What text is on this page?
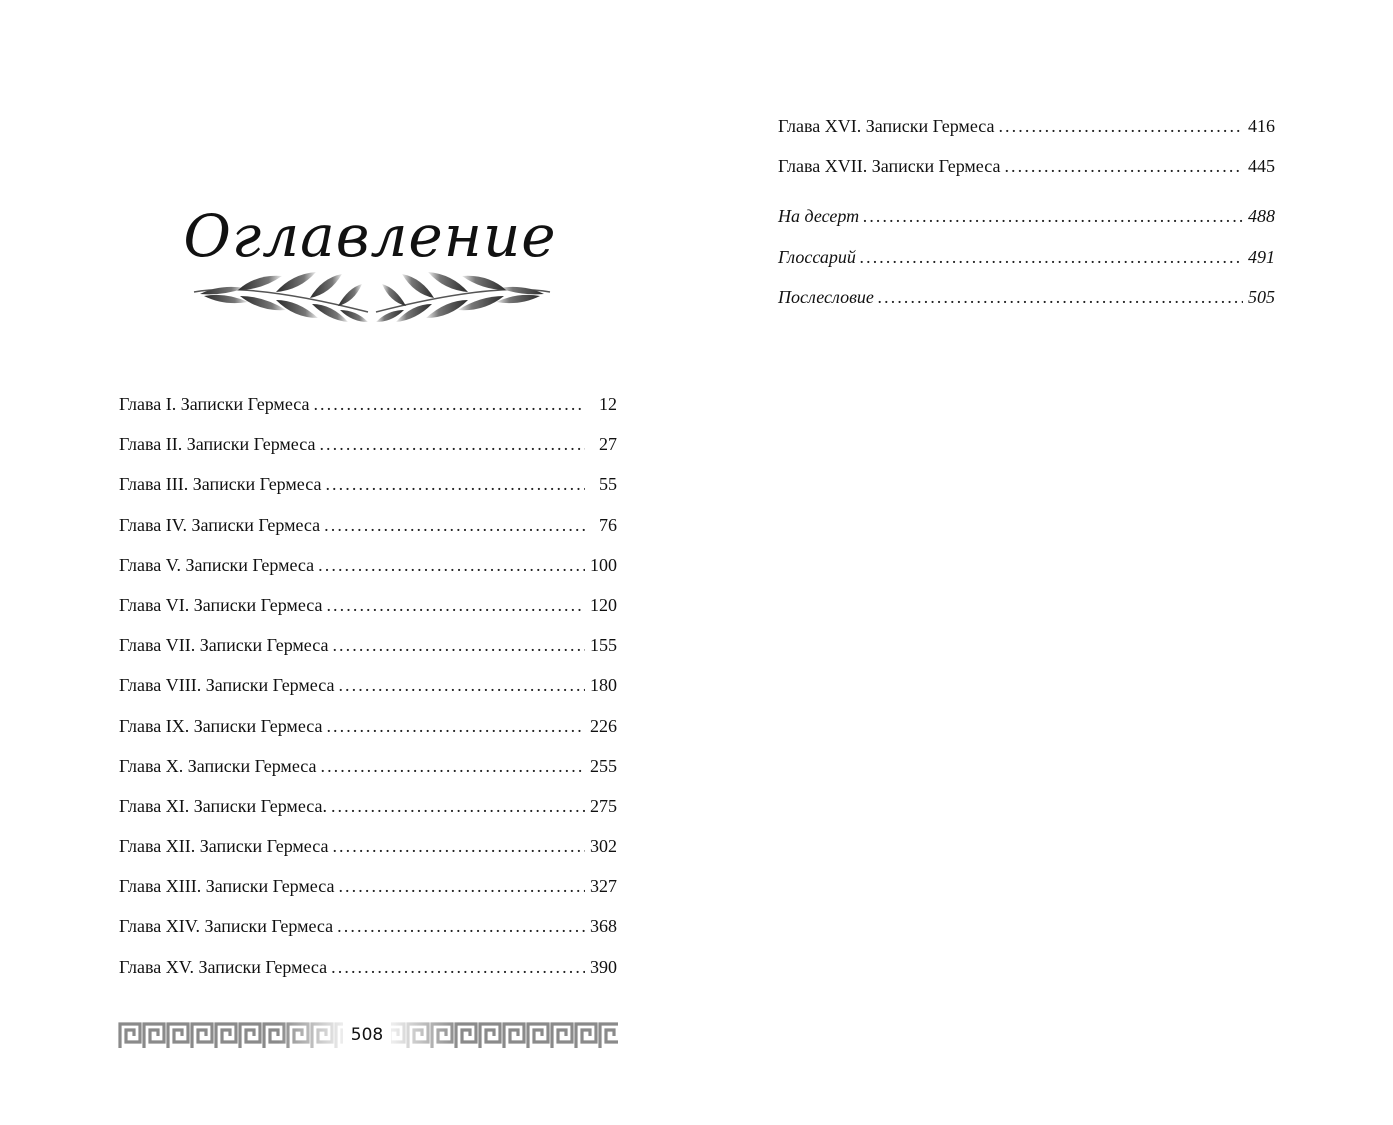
Оглавление
Глава I. Записки Гермеса . . .	12
Глава II. Записки Гермеса . . .	27
Глава III. Записки Гермеса . . .	55
Глава IV. Записки Гермеса . . .	76
Глава V. Записки Гермеса . . .	100
Глава VI. Записки Гермеса . . .	120
Глава VII. Записки Гермеса . . .	155
Глава VIII. Записки Гермеса . . .	180
Глава IX. Записки Гермеса . . .	226
Глава X. Записки Гермеса . . .	255
Глава XI. Записки Гермеса. . . .	275
Глава XII. Записки Гермеса . . .	302
Глава XIII. Записки Гермеса . . .	327
Глава XIV. Записки Гермеса . . .	368
Глава XV. Записки Гермеса . . .	390
508
Глава XVI. Записки Гермеса . . .	416
Глава XVII. Записки Гермеса . . .	445
На десерт . . .	488
Глоссарий . . .	491
Послесловие . . .	505
